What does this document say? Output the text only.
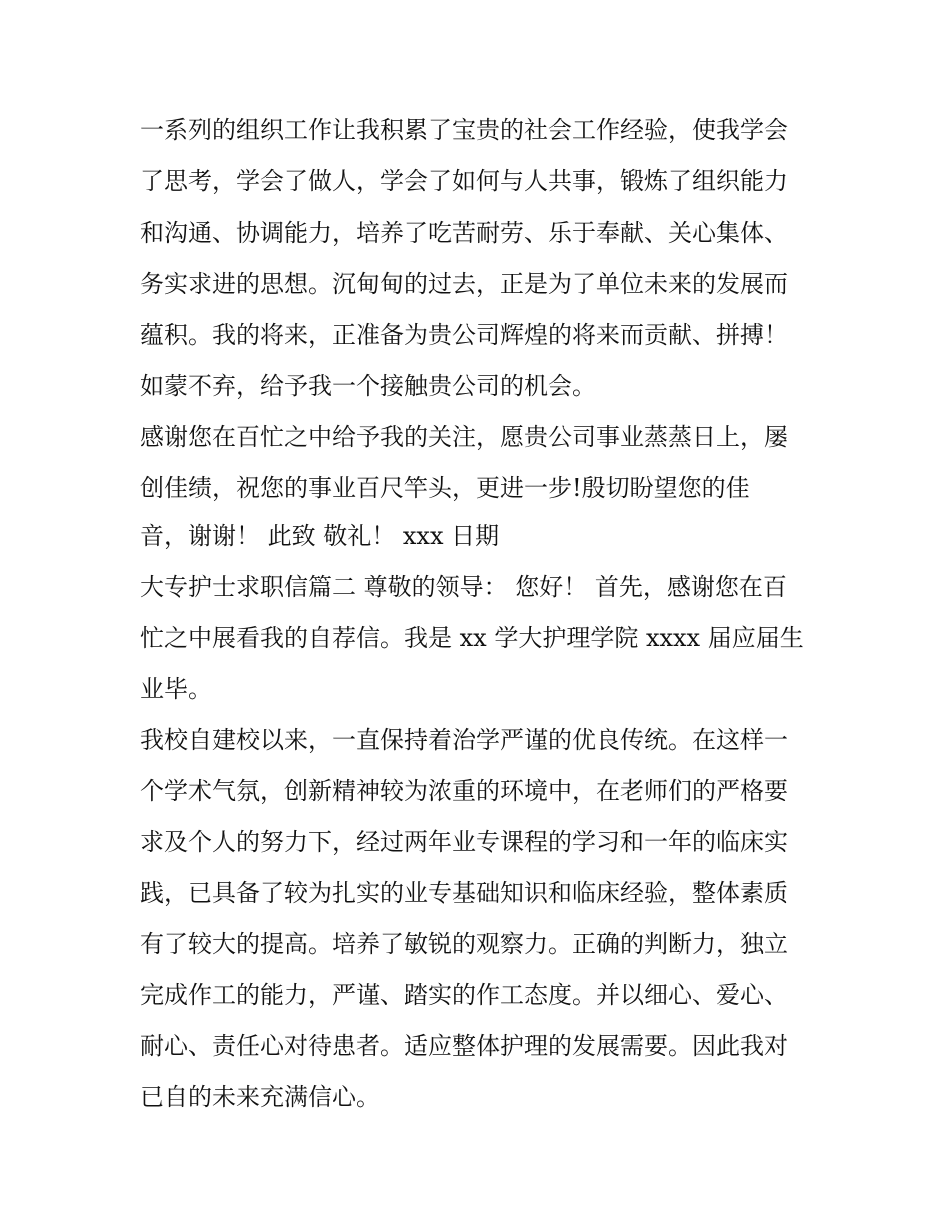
一系列的组织工作让我积累了宝贵的社会工作经验，使我学会
了思考，学会了做人，学会了如何与人共事，锻炼了组织能力
和沟通、协调能力，培养了吃苦耐劳、乐于奉献、关心集体、
务实求进的思想。沉甸甸的过去，正是为了单位未来的发展而
蕴积。我的将来，正准备为贵公司辉煌的将来而贡献、拼搏！
如蒙不弃，给予我一个接触贵公司的机会。
感谢您在百忙之中给予我的关注，愿贵公司事业蒸蒸日上，屡
创佳绩，祝您的事业百尺竿头，更进一步!殷切盼望您的佳
音，谢谢！ 此致 敬礼！ xxx 日期
大专护士求职信篇二 尊敬的领导： 您好！ 首先，感谢您在百
忙之中展看我的自荐信。我是 xx 学大护理学院 xxxx 届应届生
业毕。
我校自建校以来，一直保持着治学严谨的优良传统。在这样一
个学术气氛，创新精神较为浓重的环境中，在老师们的严格要
求及个人的努力下，经过两年业专课程的学习和一年的临床实
践，已具备了较为扎实的业专基础知识和临床经验，整体素质
有了较大的提高。培养了敏锐的观察力。正确的判断力，独立
完成作工的能力，严谨、踏实的作工态度。并以细心、爱心、
耐心、责任心对待患者。适应整体护理的发展需要。因此我对
已自的未来充满信心。
